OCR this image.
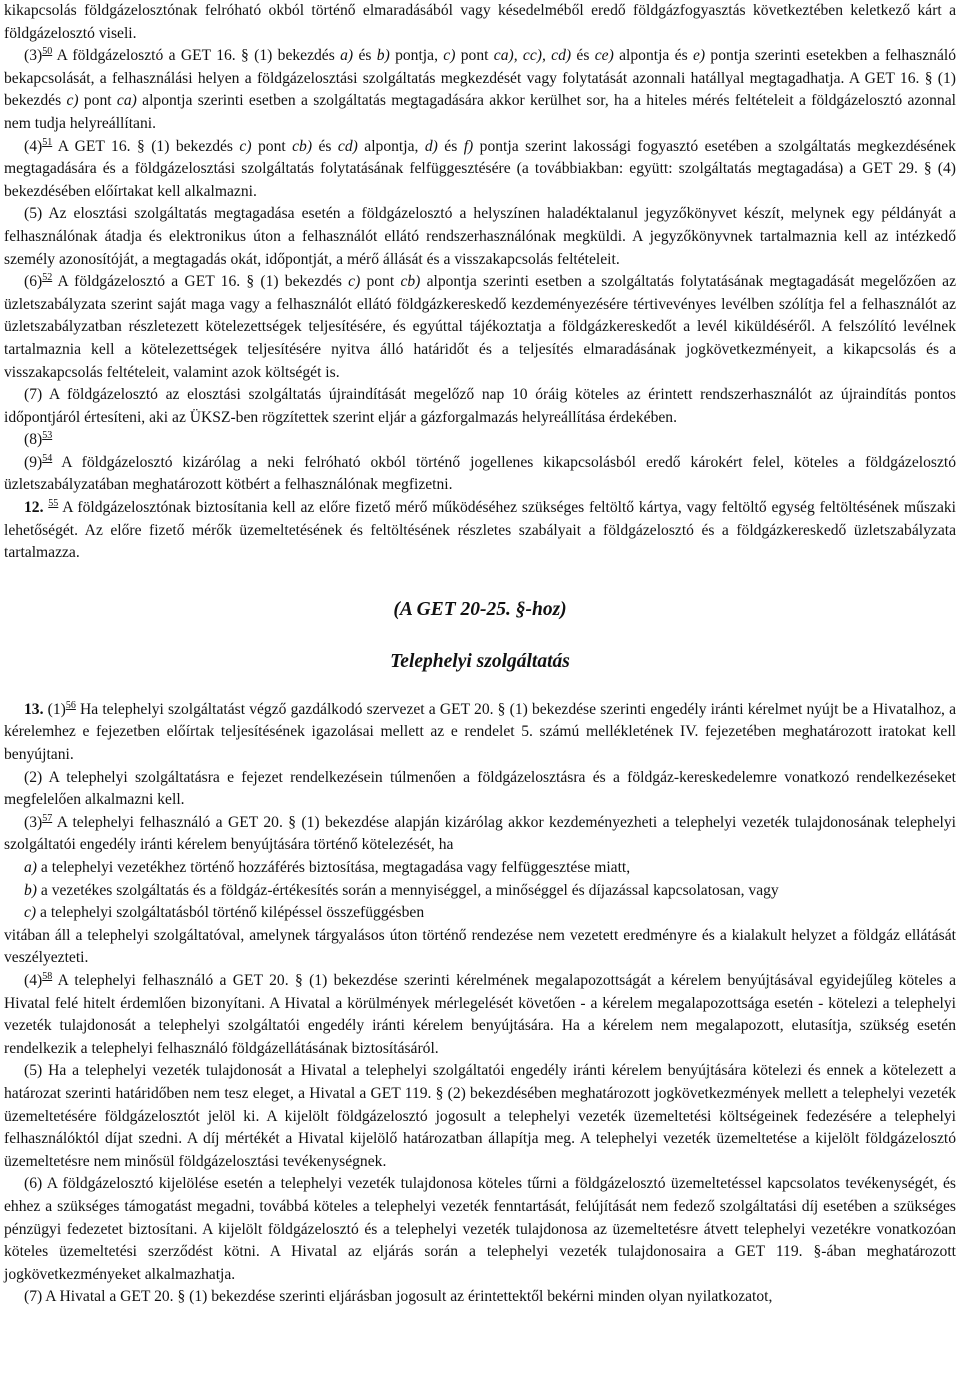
kikapcsolás földgázelosztónak felróható okból történő elmaradásából vagy késedelméből eredő földgázfogyasztás következtében keletkező kárt a földgázelosztó viseli.

(3)$^{50}$ A földgázelosztó a GET 16. § (1) bekezdés a) és b) pontja, c) pont ca), cc), cd) és ce) alpontja és e) pontja szerinti esetekben a felhasználó bekapcsolását, a felhasználási helyen a földgázelosztási szolgáltatás megkezdését vagy folytatását azonnali hatállyal megtagadhatja. A GET 16. § (1) bekezdés c) pont ca) alpontja szerinti esetben a szolgáltatás megtagadására akkor kerülhet sor, ha a hiteles mérés feltételeit a földgázelosztó azonnal nem tudja helyreállítani.

(4)$^{51}$ A GET 16. § (1) bekezdés c) pont cb) és cd) alpontja, d) és f) pontja szerint lakossági fogyasztó esetében a szolgáltatás megkezdésének megtagadására és a földgázelosztási szolgáltatás folytatásának felfüggesztésére (a továbbiakban: együtt: szolgáltatás megtagadása) a GET 29. § (4) bekezdésében előírtakat kell alkalmazni.

(5) Az elosztási szolgáltatás megtagadása esetén a földgázelosztó a helyszínen haladéktalanul jegyzőkönyvet készít, melynek egy példányát a felhasználónak átadja és elektronikus úton a felhasználót ellátó rendszerhasználónak megküldi. A jegyzőkönyvnek tartalmaznia kell az intézkedő személy azonosítóját, a megtagadás okát, időpontját, a mérő állását és a visszakapcsolás feltételeit.

(6)$^{52}$ A földgázelosztó a GET 16. § (1) bekezdés c) pont cb) alpontja szerinti esetben a szolgáltatás folytatásának megtagadását megelőzően az üzletszabályzata szerint saját maga vagy a felhasználót ellátó földgázkereskedő kezdeményezésére tértivevényes levélben szólítja fel a felhasználót az üzletszabályzatban részletezett kötelezettségek teljesítésére, és egyúttal tájékoztatja a földgázkereskedőt a levél kiküldéséről. A felszólító levélnek tartalmaznia kell a kötelezettségek teljesítésére nyitva álló határidőt és a teljesítés elmaradásának jogkövetkezményeit, a kikapcsolás és a visszakapcsolás feltételeit, valamint azok költségét is.

(7) A földgázelosztó az elosztási szolgáltatás újraindítását megelőző nap 10 óráig köteles az érintett rendszerhasználót az újraindítás pontos időpontjáról értesíteni, aki az ÜKSZ-ben rögzítettek szerint eljár a gázforgalmazás helyreállítása érdekében.

(8)$^{53}$

(9)$^{54}$ A földgázelosztó kizárólag a neki felróható okból történő jogellenes kikapcsolásból eredő károkért felel, köteles a földgázelosztó üzletszabályzatában meghatározott kötbért a felhasználónak megfizetni.

12. $^{55}$ A földgázelosztónak biztosítania kell az előre fizető mérő működéséhez szükséges feltöltő kártya, vagy feltöltő egység feltöltésének műszaki lehetőségét. Az előre fizető mérők üzemeltetésének és feltöltésének részletes szabályait a földgázelosztó és a földgázkereskedő üzletszabályzata tartalmazza.

(A GET 20-25. §-hoz)
Telephelyi szolgáltatás

13. (1)$^{56}$ Ha telephelyi szolgáltatást végző gazdálkodó szervezet a GET 20. § (1) bekezdése szerinti engedély iránti kérelmet nyújt be a Hivatalhoz, a kérelemhez e fejezetben előírtak teljesítésének igazolásai mellett az e rendelet 5. számú mellékletének IV. fejezetében meghatározott iratokat kell benyújtani.

(2) A telephelyi szolgáltatásra e fejezet rendelkezésein túlmenően a földgázelosztásra és a földgáz-kereskedelemre vonatkozó rendelkezéseket megfelelően alkalmazni kell.

(3)$^{57}$ A telephelyi felhasználó a GET 20. § (1) bekezdése alapján kizárólag akkor kezdeményezheti a telephelyi vezeték tulajdonosának telephelyi szolgáltatói engedély iránti kérelem benyújtására történő kötelezését, ha

a) a telephelyi vezetékhez történő hozzáférés biztosítása, megtagadása vagy felfüggesztése miatt,

b) a vezetékes szolgáltatás és a földgáz-értékesítés során a mennyiséggel, a minőséggel és díjazással kapcsolatosan, vagy

c) a telephelyi szolgáltatásból történő kilépéssel összefüggésben

vitában áll a telephelyi szolgáltatóval, amelynek tárgyalásos úton történő rendezése nem vezetett eredményre és a kialakult helyzet a földgáz ellátását veszélyezteti.

(4)$^{58}$ A telephelyi felhasználó a GET 20. § (1) bekezdése szerinti kérelmének megalapozottságát a kérelem benyújtásával egyidejűleg köteles a Hivatal felé hitelt érdemlően bizonyítani. A Hivatal a körülmények mérlegelését követően - a kérelem megalapozottsága esetén - kötelezi a telephelyi vezeték tulajdonosát a telephelyi szolgáltatói engedély iránti kérelem benyújtására. Ha a kérelem nem megalapozott, elutasítja, szükség esetén rendelkezik a telephelyi felhasználó földgázellátásának biztosításáról.

(5) Ha a telephelyi vezeték tulajdonosát a Hivatal a telephelyi szolgáltatói engedély iránti kérelem benyújtására kötelezi és ennek a kötelezett a határozat szerinti határidőben nem tesz eleget, a Hivatal a GET 119. § (2) bekezdésében meghatározott jogkövetkezmények mellett a telephelyi vezeték üzemeltetésére földgázelosztót jelöl ki. A kijelölt földgázelosztó jogosult a telephelyi vezeték üzemeltetési költségeinek fedezésére a telephelyi felhasználóktól díjat szedni. A díj mértékét a Hivatal kijelölő határozatban állapítja meg. A telephelyi vezeték üzemeltetése a kijelölt földgázelosztó üzemeltetésre nem minősül földgázelosztási tevékenységnek.

(6) A földgázelosztó kijelölése esetén a telephelyi vezeték tulajdonosa köteles tűrni a földgázelosztó üzemeltetéssel kapcsolatos tevékenységét, és ehhez a szükséges támogatást megadni, továbbá köteles a telephelyi vezeték fenntartását, felújítását nem fedező szolgáltatási díj esetében a szükséges pénzügyi fedezetet biztosítani. A kijelölt földgázelosztó és a telephelyi vezeték tulajdonosa az üzemeltetésre átvett telephelyi vezetékre vonatkozóan köteles üzemeltetési szerződést kötni. A Hivatal az eljárás során a telephelyi vezeték tulajdonosaira a GET 119. §-ában meghatározott jogkövetkezményeket alkalmazhatja.

(7) A Hivatal a GET 20. § (1) bekezdése szerinti eljárásban jogosult az érintettektől bekérni minden olyan nyilatkozatot,
